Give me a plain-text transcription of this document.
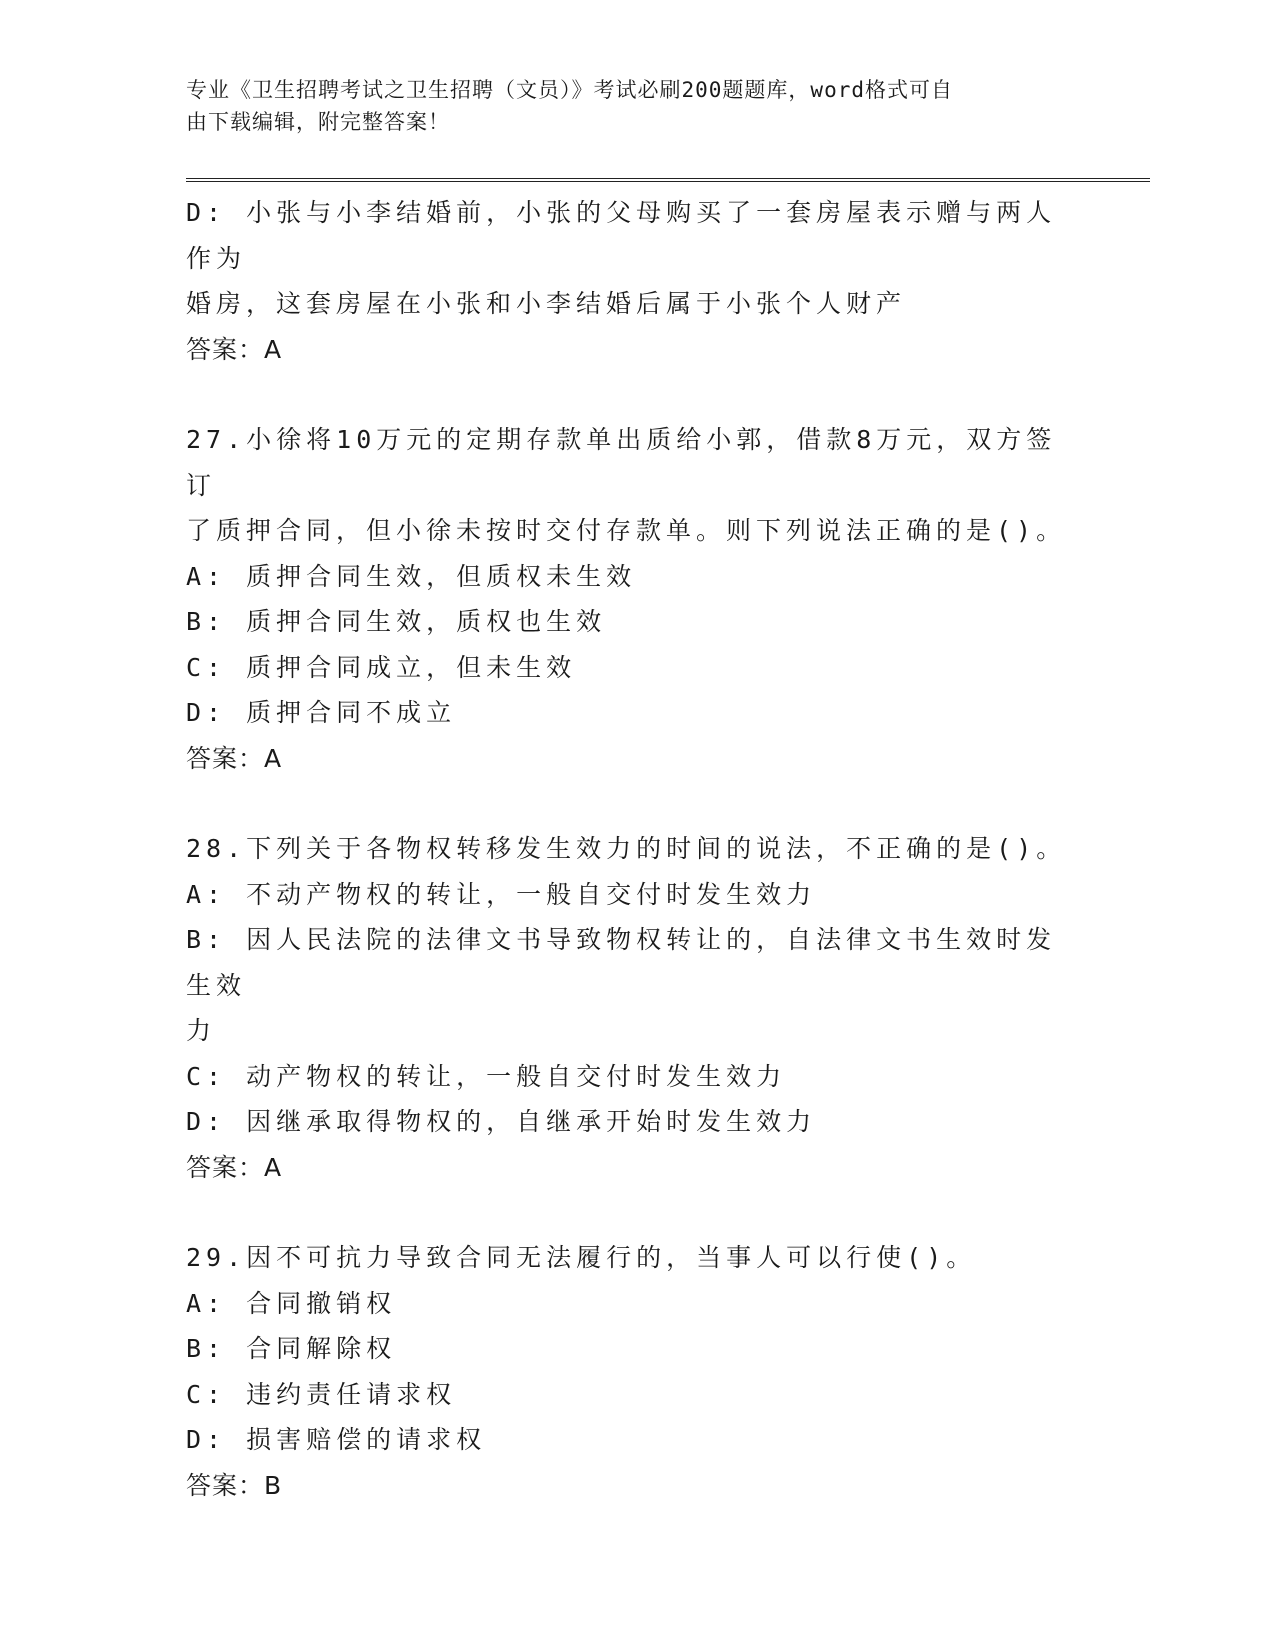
专业《卫生招聘考试之卫生招聘（文员）》考试必刷200题题库，word格式可自
由下载编辑，附完整答案！
D: 小张与小李结婚前，小张的父母购买了一套房屋表示赠与两人作为
婚房，这套房屋在小张和小李结婚后属于小张个人财产
答案：A
27.小徐将10万元的定期存款单出质给小郭，借款8万元，双方签订
了质押合同，但小徐未按时交付存款单。则下列说法正确的是()。
A: 质押合同生效，但质权未生效
B: 质押合同生效，质权也生效
C: 质押合同成立，但未生效
D: 质押合同不成立
答案：A
28.下列关于各物权转移发生效力的时间的说法，不正确的是()。
A: 不动产物权的转让，一般自交付时发生效力
B: 因人民法院的法律文书导致物权转让的，自法律文书生效时发生效
力
C: 动产物权的转让，一般自交付时发生效力
D: 因继承取得物权的，自继承开始时发生效力
答案：A
29.因不可抗力导致合同无法履行的，当事人可以行使()。
A: 合同撤销权
B: 合同解除权
C: 违约责任请求权
D: 损害赔偿的请求权
答案：B
